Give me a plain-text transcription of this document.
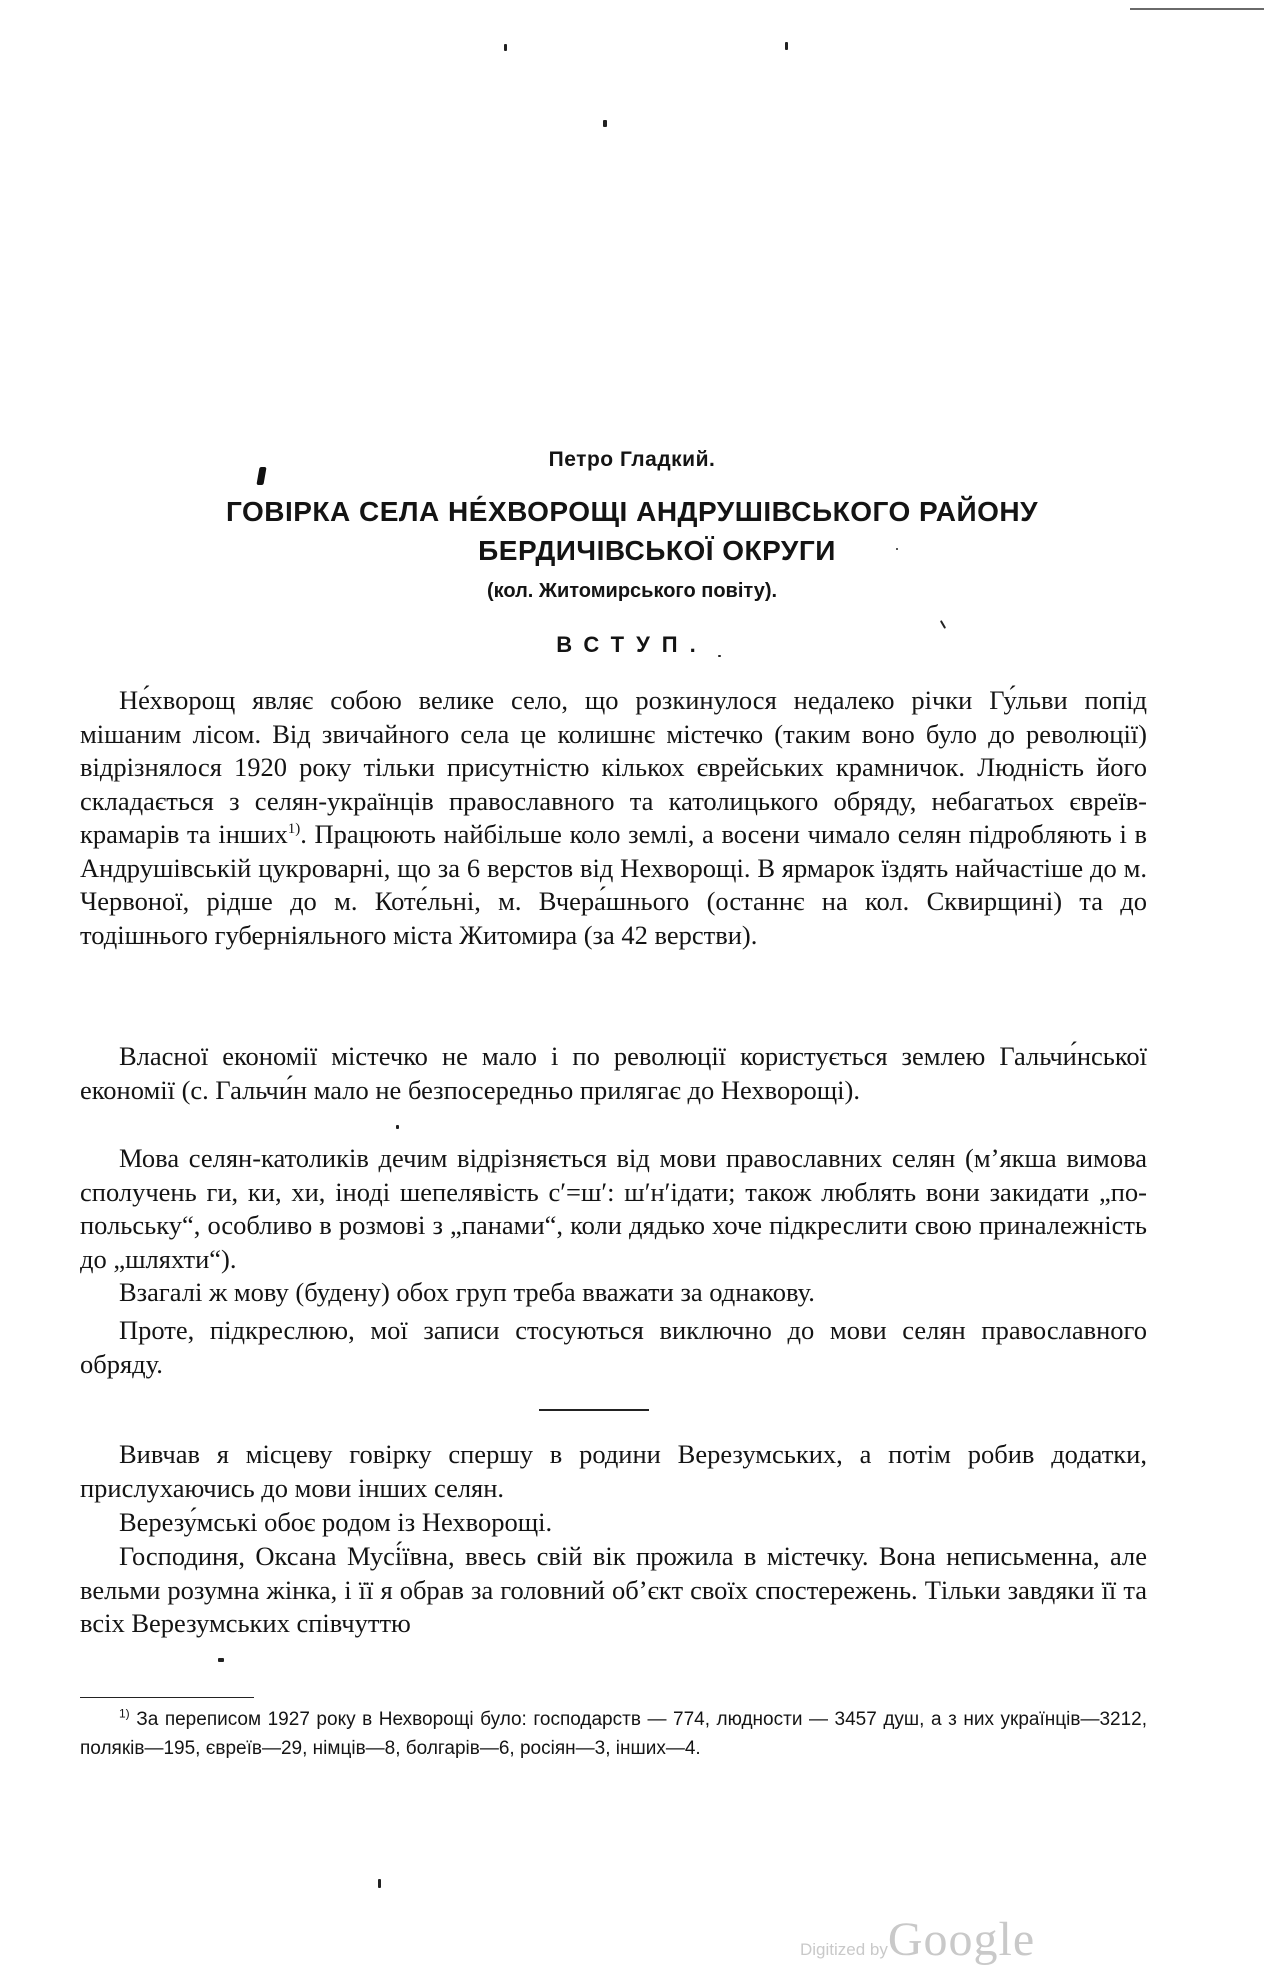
Петро Гладкий.
ГОВІРКА СЕЛА НЕ́ХВОРОЩІ АНДРУШІВСЬКОГО РАЙОНУ
БЕРДИЧІВСЬКОЇ ОКРУГИ
(кол. Житомирського повіту).
ВСТУП.

Не́хворощ являє собою велике село, що розкинулося недалеко річки Гу́льви попід мішаним лісом. Від звичайного села це колишнє містечко (таким воно було до революції) відрізнялося 1920 року тільки присутністю кількох єврейських крамничок. Людність його складається з селян-українців православного та католицького обряду, небагатьох євреїв-крамарів та інших$^{1)}$. Працюють найбільше коло землі, а восени чимало селян підробляють і в Андрушівській цукроварні, що за 6 верстов від Нехворощі. В ярмарок їздять найчастіше до м. Червоної, рідше до м. Коте́льні, м. Вчера́шнього (останнє на кол. Сквирщині) та до тодішнього губерніяльного міста Житомира (за 42 верстви).

Власної економії містечко не мало і по революції користується землею Гальчи́нської економії (с. Гальчи́н мало не безпосередньо прилягає до Нехворощі).

Мова селян-католиків дечим відрізняється від мови православних селян (м’якша вимова сполучень ги, ки, хи, іноді шепелявість с′=ш′: ш′н′ідати; також люблять вони закидати „по-польську“, особливо в розмові з „панами“, коли дядько хоче підкреслити свою приналежність до „шляхти“).

Взагалі ж мову (будену) обох груп треба вважати за однакову.

Проте, підкреслюю, мої записи стосуються виключно до мови селян православного обряду.

Вивчав я місцеву говірку спершу в родини Верезумських, а потім робив додатки, прислухаючись до мови інших селян.

Верезу́мські обоє родом із Нехворощі.

Господиня, Оксана Мусі́ївна, ввесь свій вік прожила в містечку. Вона неписьменна, але вельми розумна жінка, і її я обрав за головний об’єкт своїх спостережень. Тільки завдяки її та всіх Верезумських співчуттю

$^{1)}$ За переписом 1927 року в Нехворощі було: господарств — 774, людности — 3457 душ, а з них українців—3212, поляків—195, євреїв—29, німців—8, болгарів—6, росіян—3, інших—4.

Digitized byGoogle
